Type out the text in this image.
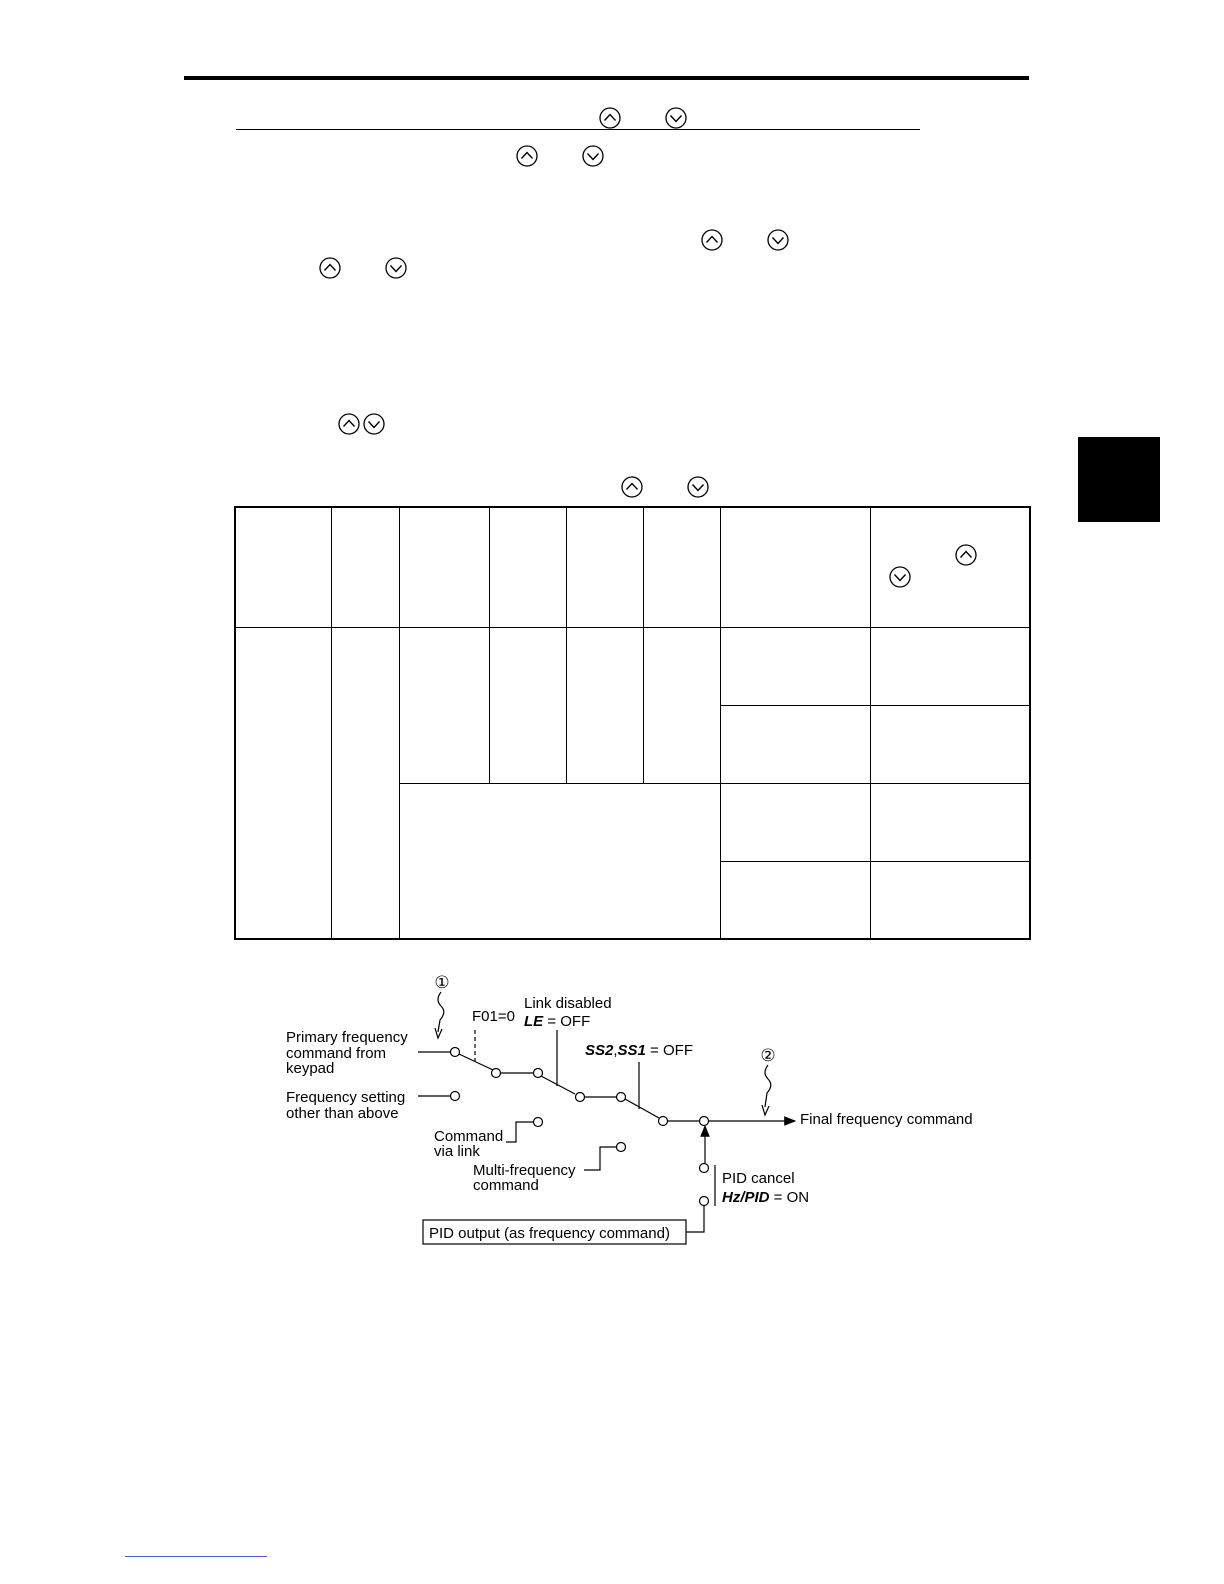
①
②
F01=0
Link disabled
LE = OFF
SS2,SS1 = OFF
Primary frequency
command from
keypad
Frequency setting
other than above
Command
via link
Multi-frequency
command
Final frequency command
PID cancel
Hz/PID = ON
PID output (as frequency command)
